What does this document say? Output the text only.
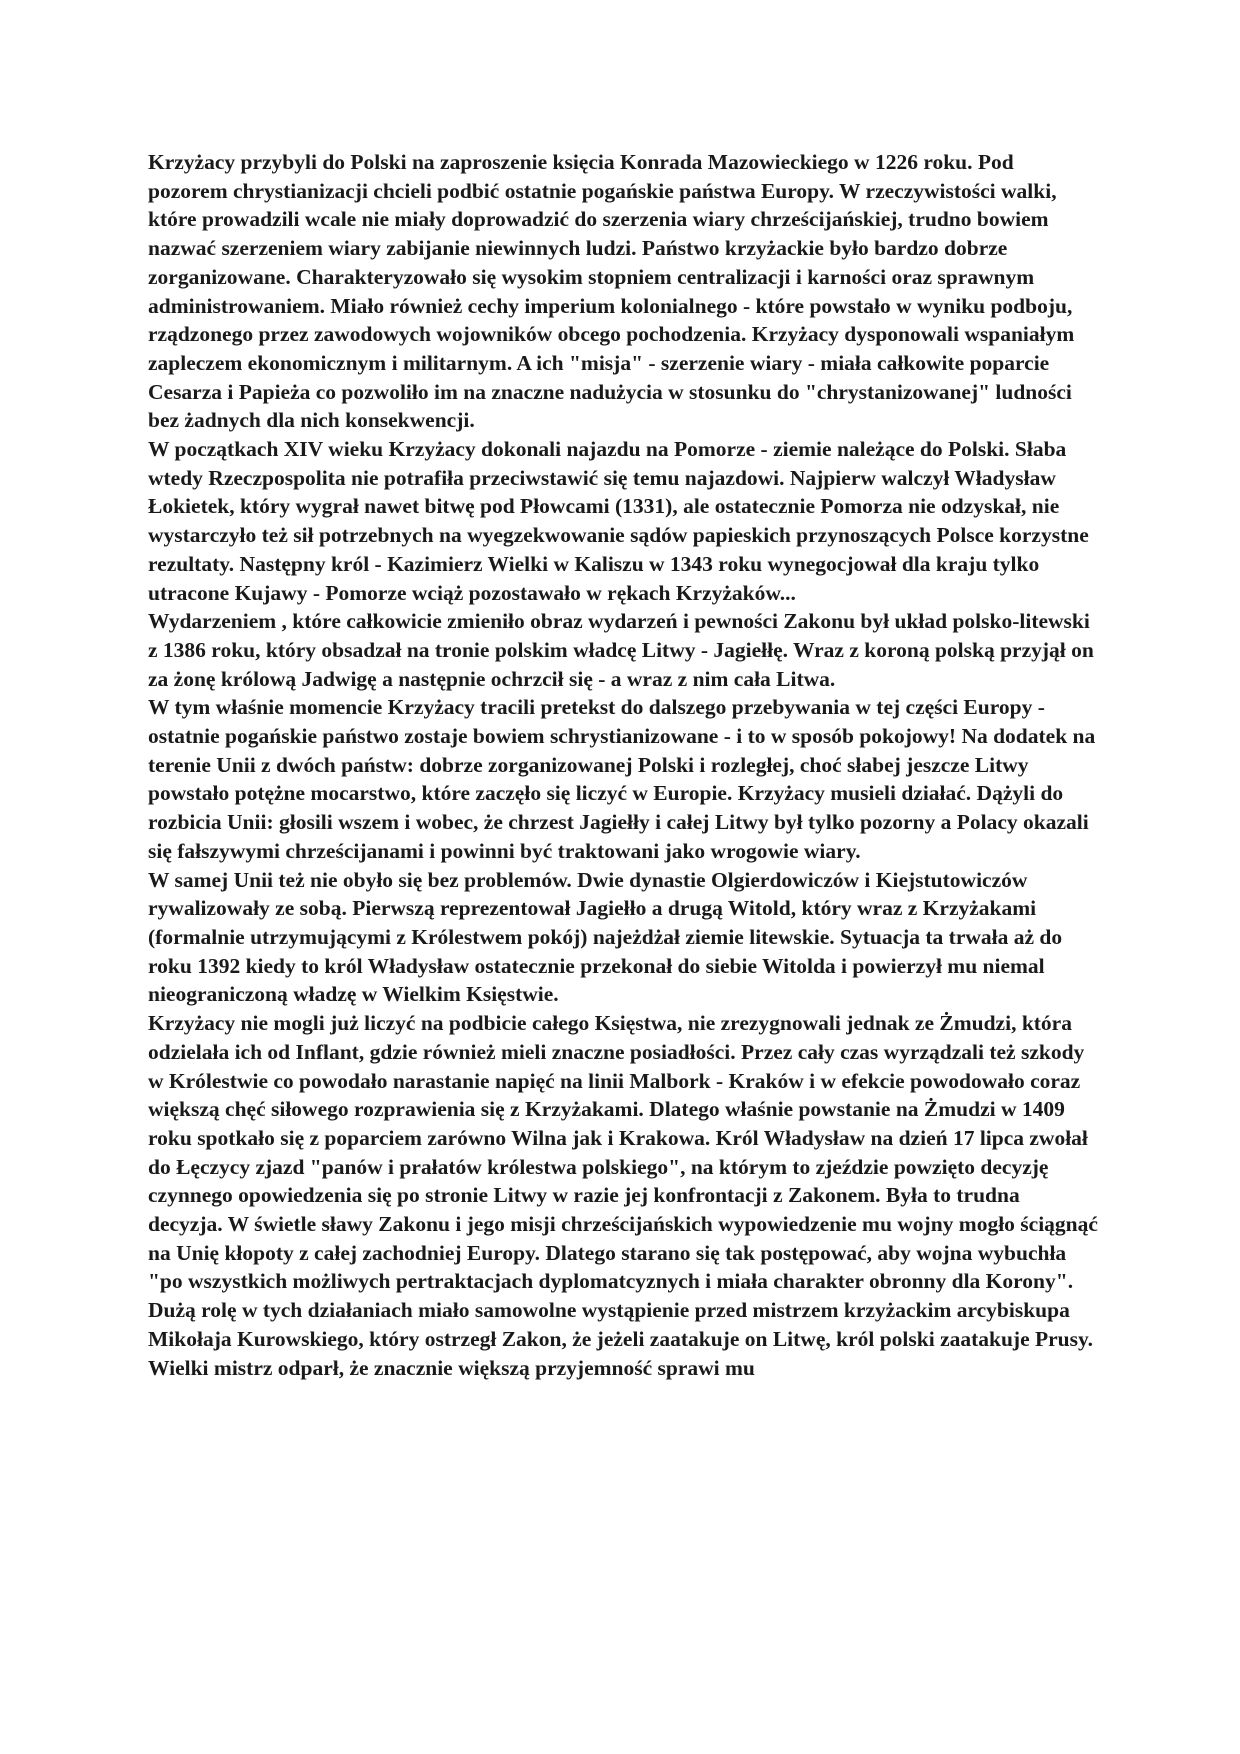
Krzyżacy przybyli do Polski na zaproszenie księcia Konrada Mazowieckiego w 1226 roku. Pod pozorem chrystianizacji chcieli podbić ostatnie pogańskie państwa Europy. W rzeczywistości walki, które prowadzili wcale nie miały doprowadzić do szerzenia wiary chrześcijańskiej, trudno bowiem nazwać szerzeniem wiary zabijanie niewinnych ludzi. Państwo krzyżackie było bardzo dobrze zorganizowane. Charakteryzowało się wysokim stopniem centralizacji i karności oraz sprawnym administrowaniem. Miało również cechy imperium kolonialnego - które powstało w wyniku podboju, rządzonego przez zawodowych wojowników obcego pochodzenia. Krzyżacy dysponowali wspaniałym zapleczem ekonomicznym i militarnym. A ich "misja" - szerzenie wiary - miała całkowite poparcie Cesarza i Papieża co pozwoliło im na znaczne nadużycia w stosunku do "chrystanizowanej" ludności bez żadnych dla nich konsekwencji.

W początkach XIV wieku Krzyżacy dokonali najazdu na Pomorze - ziemie należące do Polski. Słaba wtedy Rzeczpospolita nie potrafiła przeciwstawić się temu najazdowi. Najpierw walczył Władysław Łokietek, który wygrał nawet bitwę pod Płowcami (1331), ale ostatecznie Pomorza nie odzyskał, nie wystarczyło też sił potrzebnych na wyegzekwowanie sądów papieskich przynoszących Polsce korzystne rezultaty. Następny król - Kazimierz Wielki w Kaliszu w 1343 roku wynegocjował dla kraju tylko utracone Kujawy - Pomorze wciąż pozostawało w rękach Krzyżaków...

Wydarzeniem , które całkowicie zmieniło obraz wydarzeń i pewności Zakonu był układ polsko-litewski z 1386 roku, który obsadzał na tronie polskim władcę Litwy - Jagiełłę. Wraz z koroną polską przyjął on za żonę królową Jadwigę a następnie ochrzcił się - a wraz z nim cała Litwa.

W tym właśnie momencie Krzyżacy tracili pretekst do dalszego przebywania w tej części Europy - ostatnie pogańskie państwo zostaje bowiem schrystianizowane - i to w sposób pokojowy! Na dodatek na terenie Unii z dwóch państw: dobrze zorganizowanej Polski i rozległej, choć słabej jeszcze Litwy powstało potężne mocarstwo, które zaczęło się liczyć w Europie. Krzyżacy musieli działać. Dążyli do rozbicia Unii: głosili wszem i wobec, że chrzest Jagiełły i całej Litwy był tylko pozorny a Polacy okazali się fałszywymi chrześcijanami i powinni być traktowani jako wrogowie wiary.

W samej Unii też nie obyło się bez problemów. Dwie dynastie Olgierdowiczów i Kiejstutowiczów rywalizowały ze sobą. Pierwszą reprezentował Jagiełło a drugą Witold, który wraz z Krzyżakami (formalnie utrzymującymi z Królestwem pokój) najeżdżał ziemie litewskie. Sytuacja ta trwała aż do roku 1392 kiedy to król Władysław ostatecznie przekonał do siebie Witolda i powierzył mu niemal nieograniczoną władzę w Wielkim Księstwie.

Krzyżacy nie mogli już liczyć na podbicie całego Księstwa, nie zrezygnowali jednak ze Żmudzi, która odzielała ich od Inflant, gdzie również mieli znaczne posiadłości. Przez cały czas wyrządzali też szkody w Królestwie co powodało narastanie napięć na linii Malbork - Kraków i w efekcie powodowało coraz większą chęć siłowego rozprawienia się z Krzyżakami. Dlatego właśnie powstanie na Żmudzi w 1409 roku spotkało się z poparciem zarówno Wilna jak i Krakowa. Król Władysław na dzień 17 lipca zwołał do Łęczycy zjazd "panów i prałatów królestwa polskiego", na którym to zjeździe powzięto decyzję czynnego opowiedzenia się po stronie Litwy w razie jej konfrontacji z Zakonem. Była to trudna decyzja. W świetle sławy Zakonu i jego misji chrześcijańskich wypowiedzenie mu wojny mogło ściągnąć na Unię kłopoty z całej zachodniej Europy. Dlatego starano się tak postępować, aby wojna wybuchła "po wszystkich możliwych pertraktacjach dyplomatcyznych i miała charakter obronny dla Korony". Dużą rolę w tych działaniach miało samowolne wystąpienie przed mistrzem krzyżackim arcybiskupa Mikołaja Kurowskiego, który ostrzegł Zakon, że jeżeli zaatakuje on Litwę, król polski zaatakuje Prusy. Wielki mistrz odparł, że znacznie większą przyjemność sprawi mu
